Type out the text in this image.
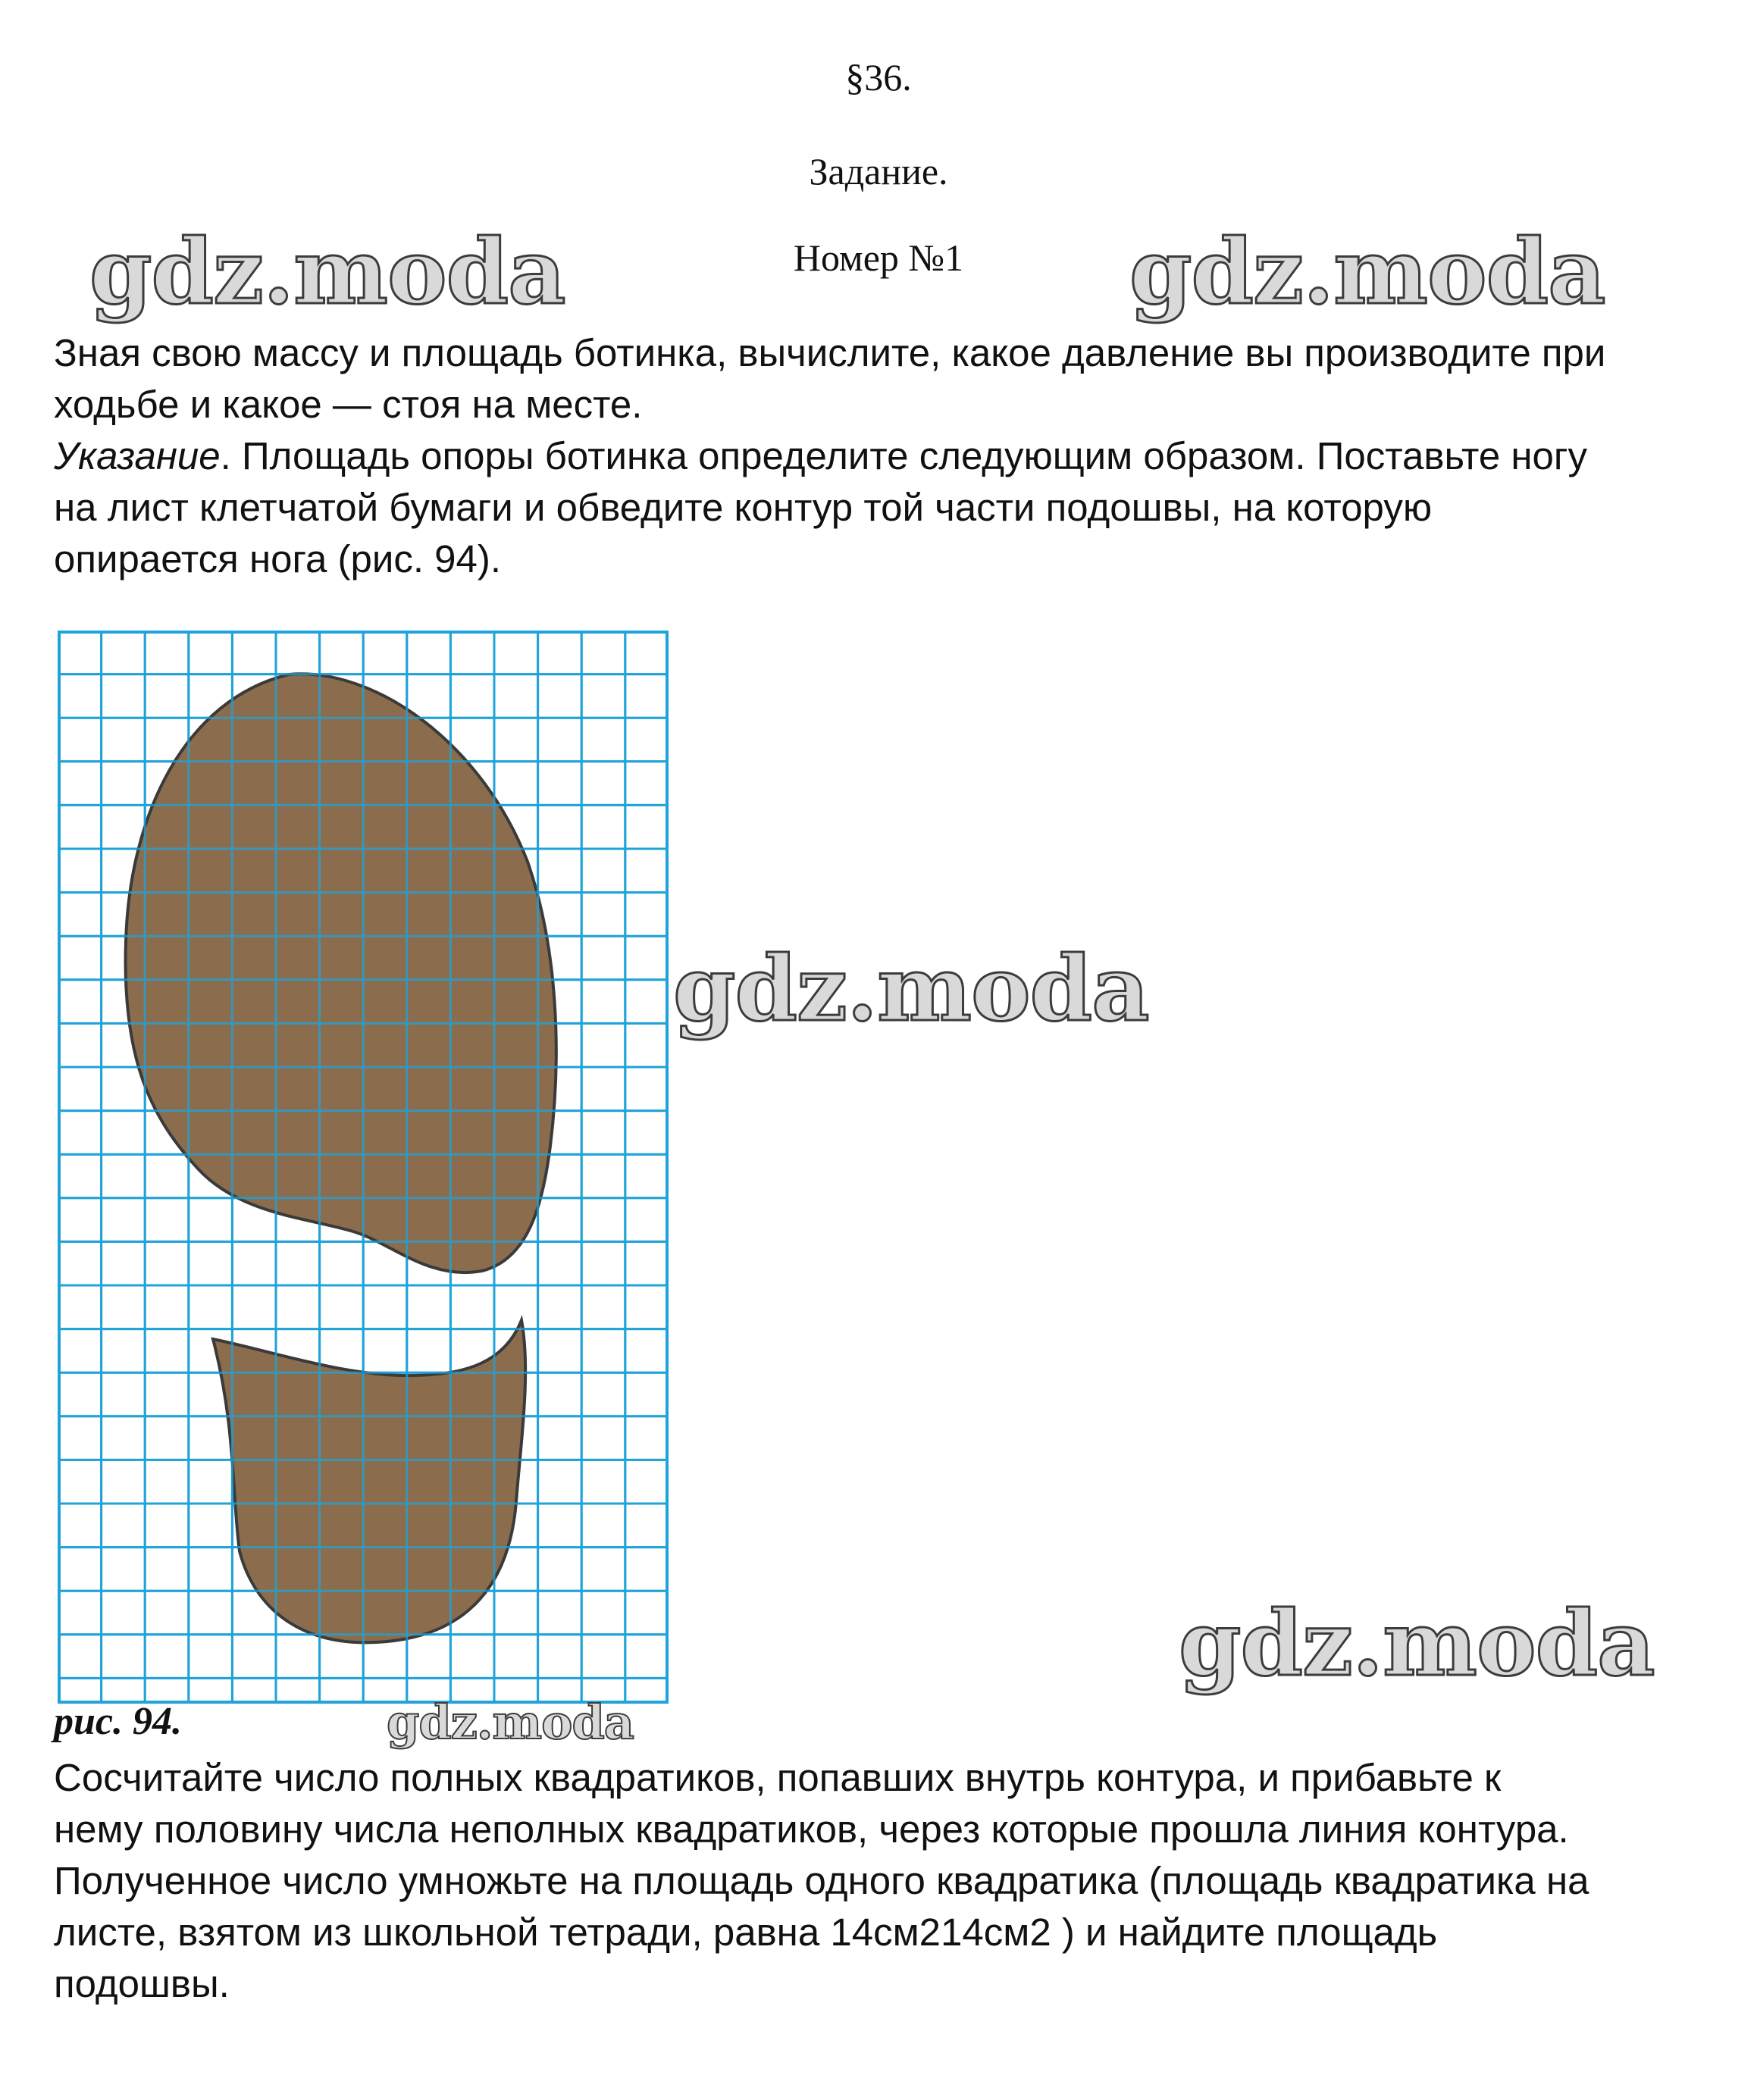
§36.
Задание.
Номер №1
Зная свою массу и площадь ботинка, вычислите, какое давление вы производите при
ходьбе и какое — стоя на месте.
Указание. Площадь опоры ботинка определите следующим образом. Поставьте ногу
на лист клетчатой бумаги и обведите контур той части подошвы, на которую
опирается нога (рис. 94).
рис. 94.
Сосчитайте число полных квадратиков, попавших внутрь контура, и прибавьте к
нему половину числа неполных квадратиков, через которые прошла линия контура.
Полученное число умножьте на площадь одного квадратика (площадь квадратика на
листе, взятом из школьной тетради, равна 14см214см2 ) и найдите площадь
подошвы.
gdz.moda	gdz.moda
gdz.moda
gdz.moda
gdz.moda
